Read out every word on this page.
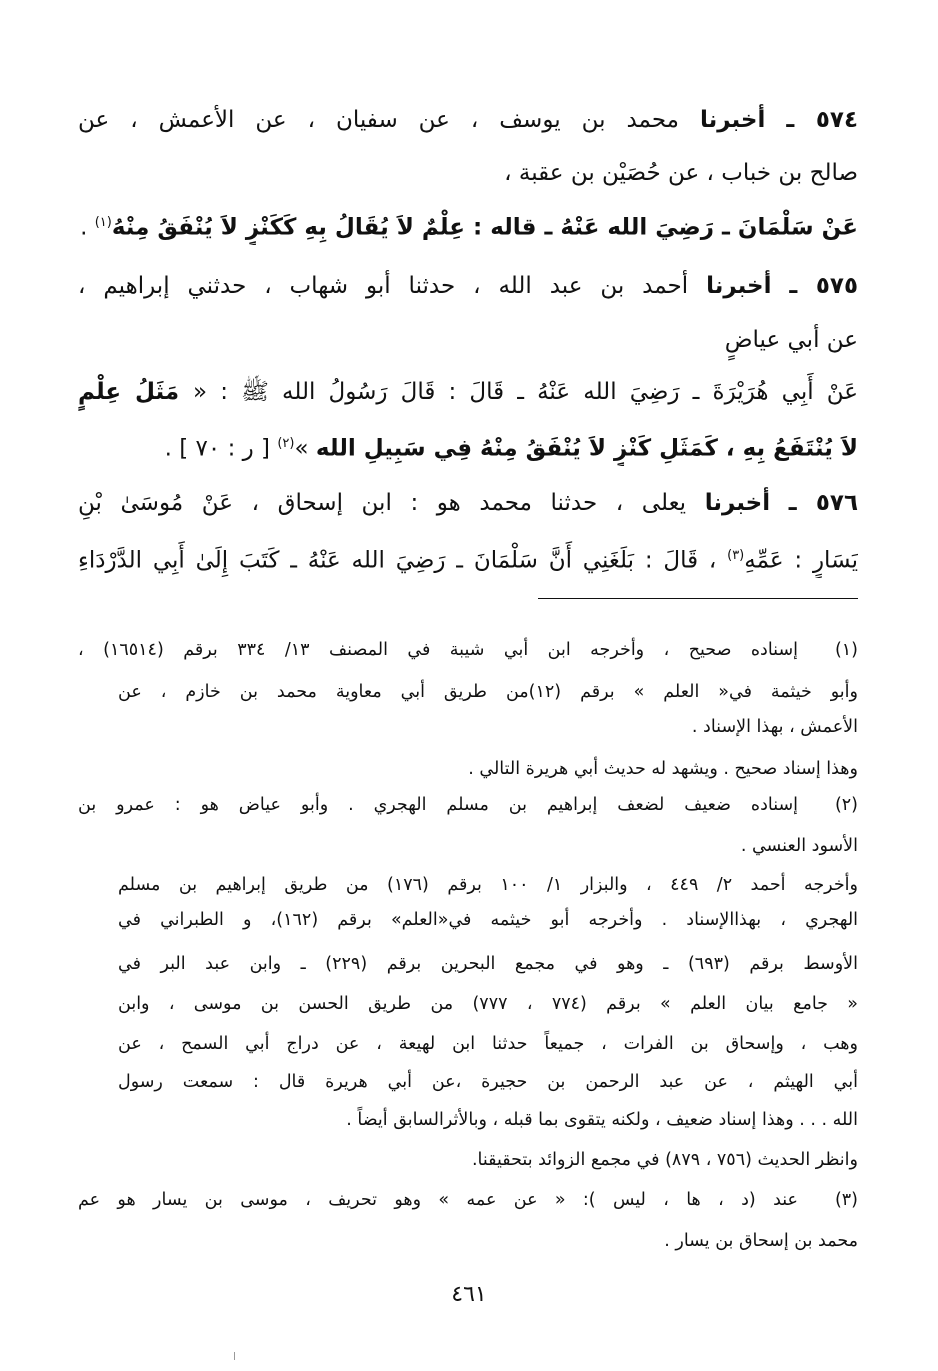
٥٧٤ ـ أخبرنا محمد بن يوسف ، عن سفيان ، عن الأعمش ، عن
صالح بن خباب ، عن حُصَيْن بن عقبة ،
عَنْ سَلْمَانَ ـ رَضِيَ الله عَنْهُ ـ قاله : عِلْمٌ لاَ يُقَالُ بِهِ كَكَنْزٍ لاَ يُنْفَقُ مِنْهُ$^{(١)}$ .
٥٧٥ ـ أخبرنا أحمد بن عبد الله ، حدثنا أبو شهاب ، حدثني إبراهيم ،
عن أبي عياضٍ
عَنْ أَبِي هُرَيْرَةَ ـ رَضِيَ الله عَنْهُ ـ قَالَ : قَالَ رَسُولُ الله ﷺ : « مَثَلُ عِلْمٍ
لاَ يُنْتَفَعُ بِهِ ، كَمَثَلِ كَنْزٍ لاَ يُنْفَقُ مِنْهُ فِي سَبِيلِ الله »$^{(٢)}$ [ ر : ٧٠ ] .
٥٧٦ ـ أخبرنا يعلى ، حدثنا محمد هو : ابن إسحاق ، عَنْ مُوسَىٰ بْنِ
يَسَارٍ : عَمِّهِ$^{(٣)}$ ، قَالَ : بَلَغَنِي أَنَّ سَلْمَانَ ـ رَضِيَ الله عَنْهُ ـ كَتَبَ إِلَىٰ أَبِي الدَّرْدَاءِ
(١)
إسناده صحيح ، وأخرجه ابن أبي شيبة في المصنف ١٣/ ٣٣٤ برقم (١٦٥١٤) ،
وأبو خيثمة في« العلم » برقم (١٢)من طريق أبي معاوية محمد بن خازم ، عن
الأعمش ، بهذا الإسناد .
وهذا إسناد صحيح . ويشهد له حديث أبي هريرة التالي .
(٢)
إسناده ضعيف لضعف إبراهيم بن مسلم الهجري . وأبو عياض هو : عمرو بن
الأسود العنسي .
وأخرجه أحمد ٢/ ٤٤٩ ، والبزار ١/ ١٠٠ برقم (١٧٦) من طريق إبراهيم بن مسلم
الهجري ، بهذاالإسناد . وأخرجه أبو خيثمه في«العلم» برقم (١٦٢)، و الطبراني في
الأوسط برقم (٦٩٣) ـ وهو في مجمع البحرين برقم (٢٢٩) ـ وابن عبد البر في
« جامع بيان العلم » برقم (٧٧٤ ، ٧٧٧) من طريق الحسن بن موسى ، وابن
وهب ، وإسحاق بن الفرات ، جميعاً حدثنا ابن لهيعة ، عن دراج أبي السمح ، عن
أبي الهيثم ، عن عبد الرحمن بن حجيرة ،عن أبي هريرة قال : سمعت رسول
الله . . . وهذا إسناد ضعيف ، ولكنه يتقوى بما قبله ، وبالأثرالسابق أيضاً .
وانظر الحديث (٧٥٦ ، ٨٧٩) في مجمع الزوائد بتحقيقنا.
(٣)
عند (د ، ها ، ليس ): « عن عمه » وهو تحريف ، موسى بن يسار هو عم
محمد بن إسحاق بن يسار .
٤٦١
